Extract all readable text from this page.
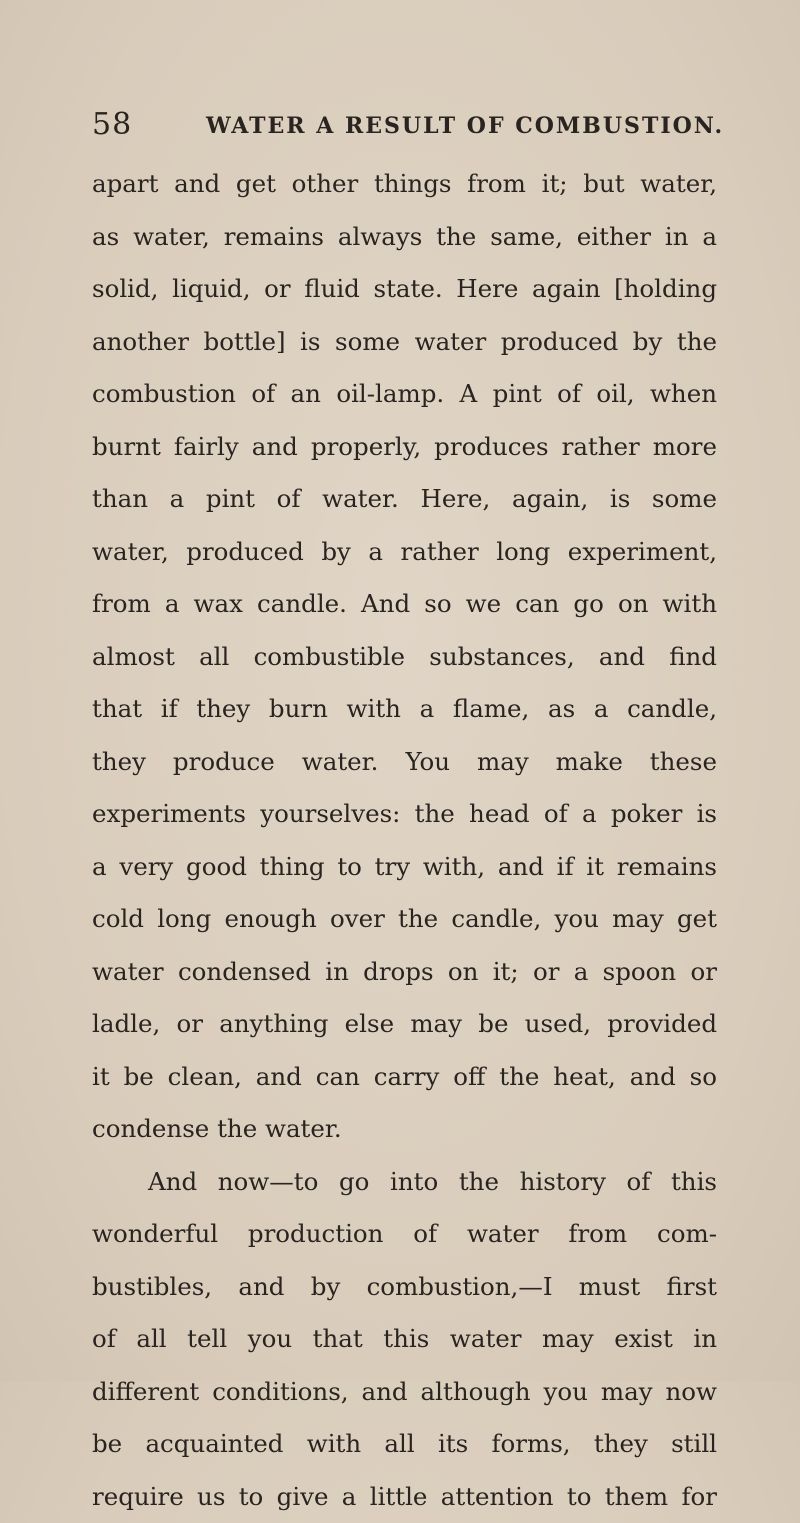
58	WATER A RESULT OF COMBUSTION.
apart and get other things from it; but water,
as water, remains always the same, either in a
solid, liquid, or fluid state. Here again [holding
another bottle] is some water produced by the
combustion of an oil-lamp. A pint of oil, when
burnt fairly and properly, produces rather more
than a pint of water. Here, again, is some
water, produced by a rather long experiment,
from a wax candle. And so we can go on with
almost all combustible substances, and find
that if they burn with a flame, as a candle,
they produce water. You may make these
experiments yourselves: the head of a poker is
a very good thing to try with, and if it remains
cold long enough over the candle, you may get
water condensed in drops on it; or a spoon or
ladle, or anything else may be used, provided
it be clean, and can carry off the heat, and so
condense the water.
And now—to go into the history of this
wonderful production of water from com-
bustibles, and by combustion,—I must first
of all tell you that this water may exist in
different conditions, and although you may now
be acquainted with all its forms, they still
require us to give a little attention to them for
